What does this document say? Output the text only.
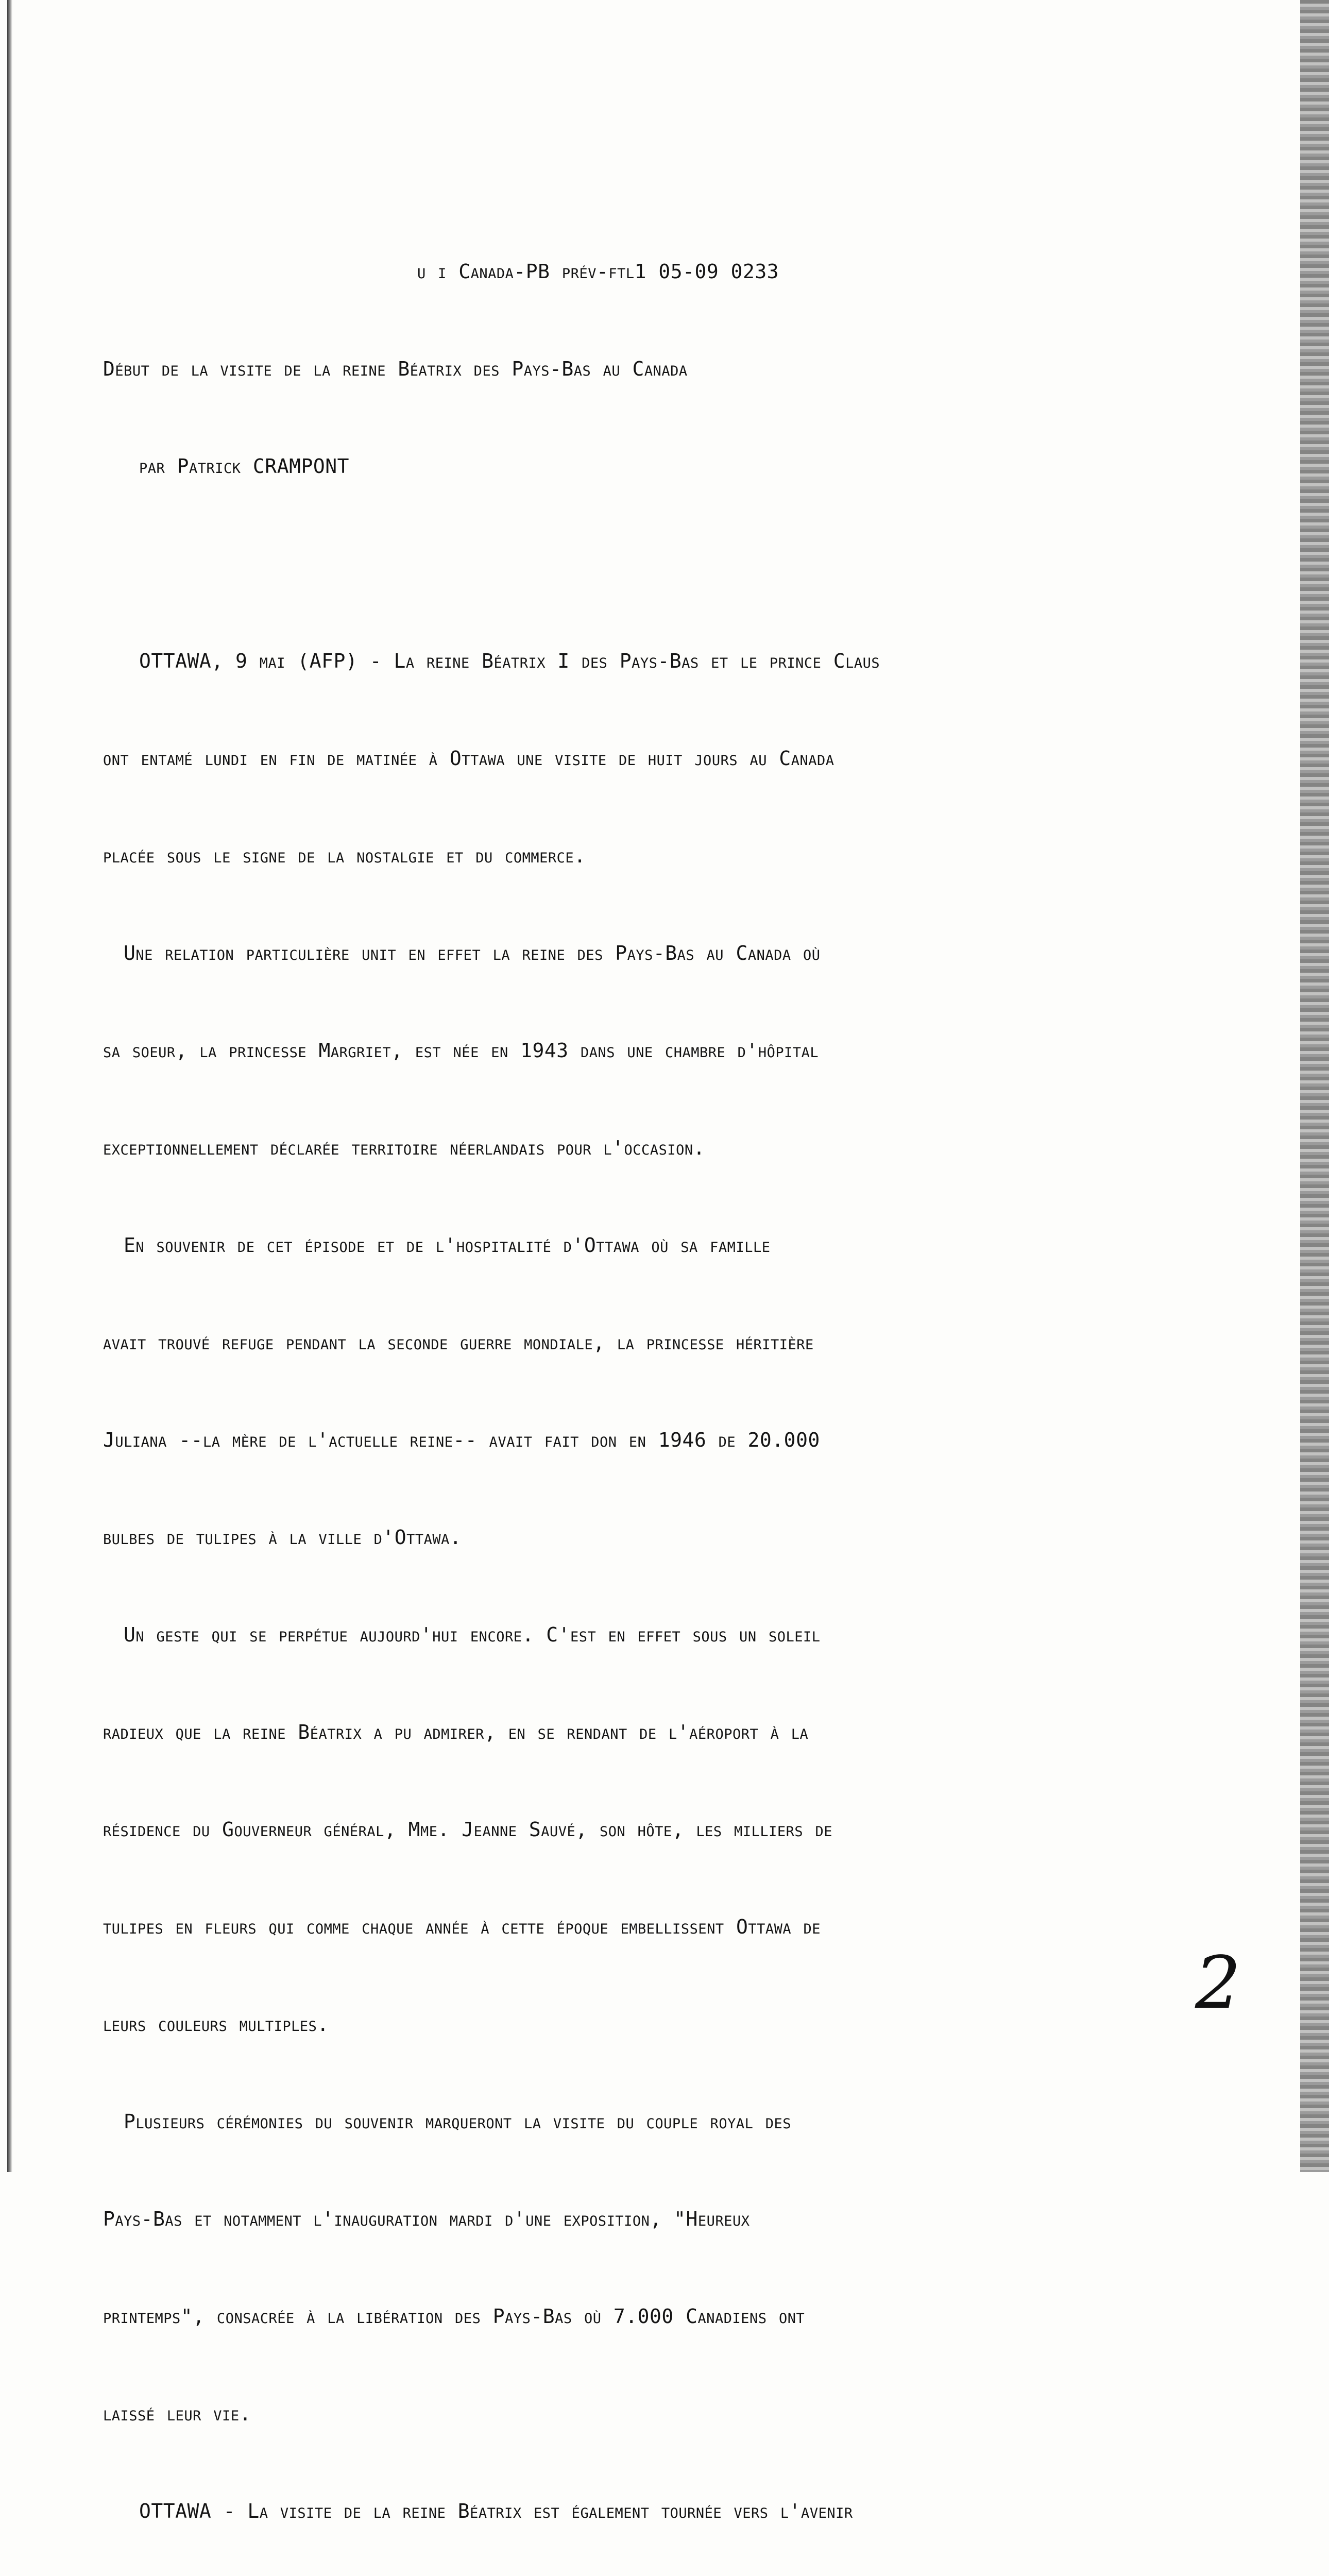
u i Canada-PB prév-ftl1 05-09 0233

Début de la visite de la reine Béatrix des Pays-Bas au Canada

par Patrick CRAMPONT

OTTAWA, 9 mai (AFP) - La reine Béatrix I des Pays-Bas et le prince Claus

ont entamé lundi en fin de matinée à Ottawa une visite de huit jours au Canada

placée sous le signe de la nostalgie et du commerce.

Une relation particulière unit en effet la reine des Pays-Bas au Canada où

sa soeur, la princesse Margriet, est née en 1943 dans une chambre d'hôpital

exceptionnellement déclarée territoire néerlandais pour l'occasion.

En souvenir de cet épisode et de l'hospitalité d'Ottawa où sa famille

avait trouvé refuge pendant la seconde guerre mondiale, la princesse héritière

Juliana --la mère de l'actuelle reine-- avait fait don en 1946 de 20.000

bulbes de tulipes à la ville d'Ottawa.

Un geste qui se perpétue aujourd'hui encore. C'est en effet sous un soleil

radieux que la reine Béatrix a pu admirer, en se rendant de l'aéroport à la

résidence du Gouverneur général, Mme. Jeanne Sauvé, son hôte, les milliers de

tulipes en fleurs qui comme chaque année à cette époque embellissent Ottawa de

leurs couleurs multiples.

Plusieurs cérémonies du souvenir marqueront la visite du couple royal des

Pays-Bas et notamment l'inauguration mardi d'une exposition, "Heureux

printemps", consacrée à la libération des Pays-Bas où 7.000 Canadiens ont

laissé leur vie.

OTTAWA - La visite de la reine Béatrix est également tournée vers l'avenir

2
